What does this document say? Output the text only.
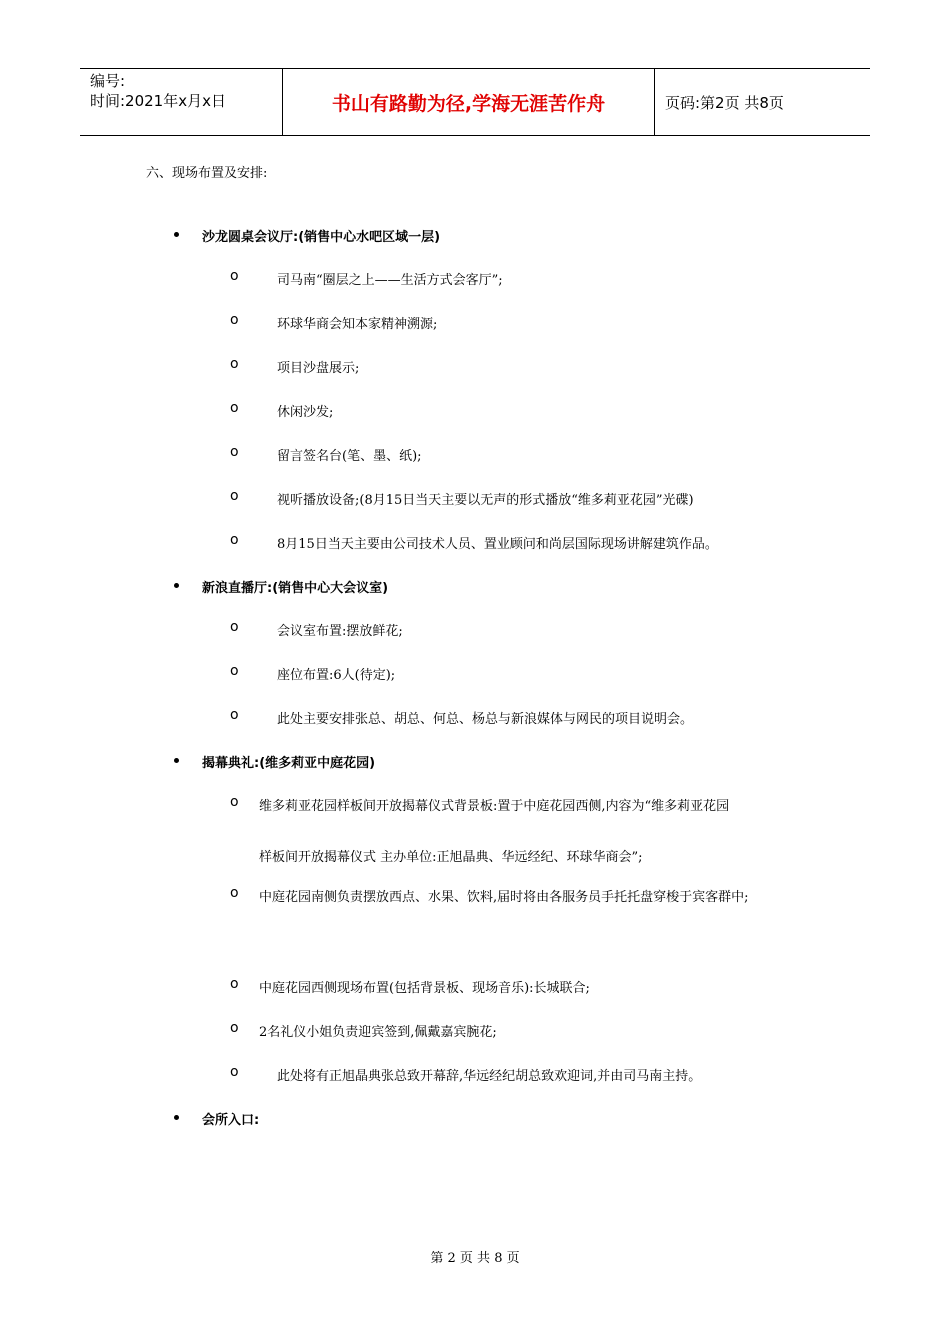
编号:
时间:2021年x月x日	书山有路勤为径,学海无涯苦作舟	页码:第2页 共8页
六、现场布置及安排:
沙龙圆桌会议厅:(销售中心水吧区域一层)
o	司马南“圈层之上——生活方式会客厅”;
o	环球华商会知本家精神溯源;
o	项目沙盘展示;
o	休闲沙发;
o	留言签名台(笔、墨、纸);
o	视听播放设备;(8月15日当天主要以无声的形式播放“维多莉亚花园”光碟)
o	8月15日当天主要由公司技术人员、置业顾问和尚层国际现场讲解建筑作品。
新浪直播厅:(销售中心大会议室)
o	会议室布置:摆放鲜花;
o	座位布置:6人(待定);
o	此处主要安排张总、胡总、何总、杨总与新浪媒体与网民的项目说明会。
揭幕典礼:(维多莉亚中庭花园)
o 维多莉亚花园样板间开放揭幕仪式背景板:置于中庭花园西侧,内容为“维多莉亚花园
样板间开放揭幕仪式 主办单位:正旭晶典、华远经纪、环球华商会”;
o 中庭花园南侧负责摆放西点、水果、饮料,届时将由各服务员手托托盘穿梭于宾客群中;
o 中庭花园西侧现场布置(包括背景板、现场音乐):长城联合;
o 2名礼仪小姐负责迎宾签到,佩戴嘉宾腕花;
o	此处将有正旭晶典张总致开幕辞,华远经纪胡总致欢迎词,并由司马南主持。
会所入口:
第 2 页 共 8 页
